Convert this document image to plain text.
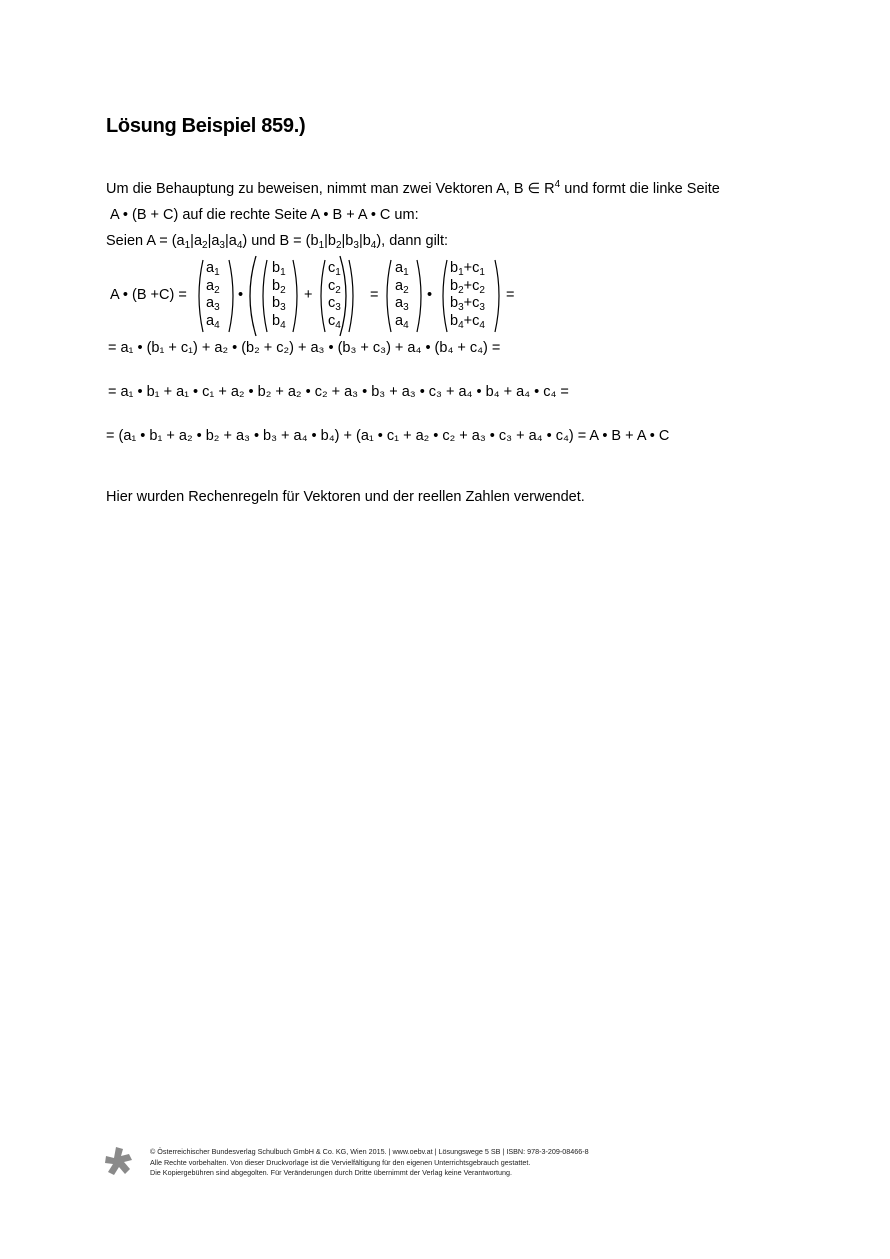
Lösung Beispiel 859.)
Um die Behauptung zu beweisen, nimmt man zwei Vektoren A, B ∈ $R^4$ und formt die linke Seite
A • (B + C) auf die rechte Seite A • B + A • C um:
Seien $A = (a_1|a_2|a_3|a_4)$ und $B = (b_1|b_2|b_3|b_4)$, dann gilt:
A • (B +C) =
$a_1$
$a_2$
$a_3$
$a_4$
•
$b_1$
$b_2$
$b_3$
$b_4$
+
$c_1$
$c_2$
$c_3$
$c_4$
=
$a_1$
$a_2$
$a_3$
$a_4$
•
$b_1+c_1$
$b_2+c_2$
$b_3+c_3$
$b_4+c_4$
=
= a₁ • (b₁ + c₁) + a₂ • (b₂ + c₂) + a₃ • (b₃ + c₃) + a₄ • (b₄ + c₄) =
= a₁ • b₁ + a₁ • c₁ + a₂ • b₂ + a₂ • c₂ + a₃ • b₃ + a₃ • c₃ + a₄ • b₄ + a₄ • c₄ =
= (a₁ • b₁ + a₂ • b₂ + a₃ • b₃ + a₄ • b₄) + (a₁ • c₁ + a₂ • c₂ + a₃ • c₃ + a₄ • c₄) = A • B + A • C
Hier wurden Rechenregeln für Vektoren und der reellen Zahlen verwendet.
© Österreichischer Bundesverlag Schulbuch GmbH & Co. KG, Wien 2015. | www.oebv.at | Lösungswege 5 SB | ISBN: 978-3-209-08466-8
Alle Rechte vorbehalten. Von dieser Druckvorlage ist die Vervielfältigung für den eigenen Unterrichtsgebrauch gestattet.
Die Kopiergebühren sind abgegolten. Für Veränderungen durch Dritte übernimmt der Verlag keine Verantwortung.
